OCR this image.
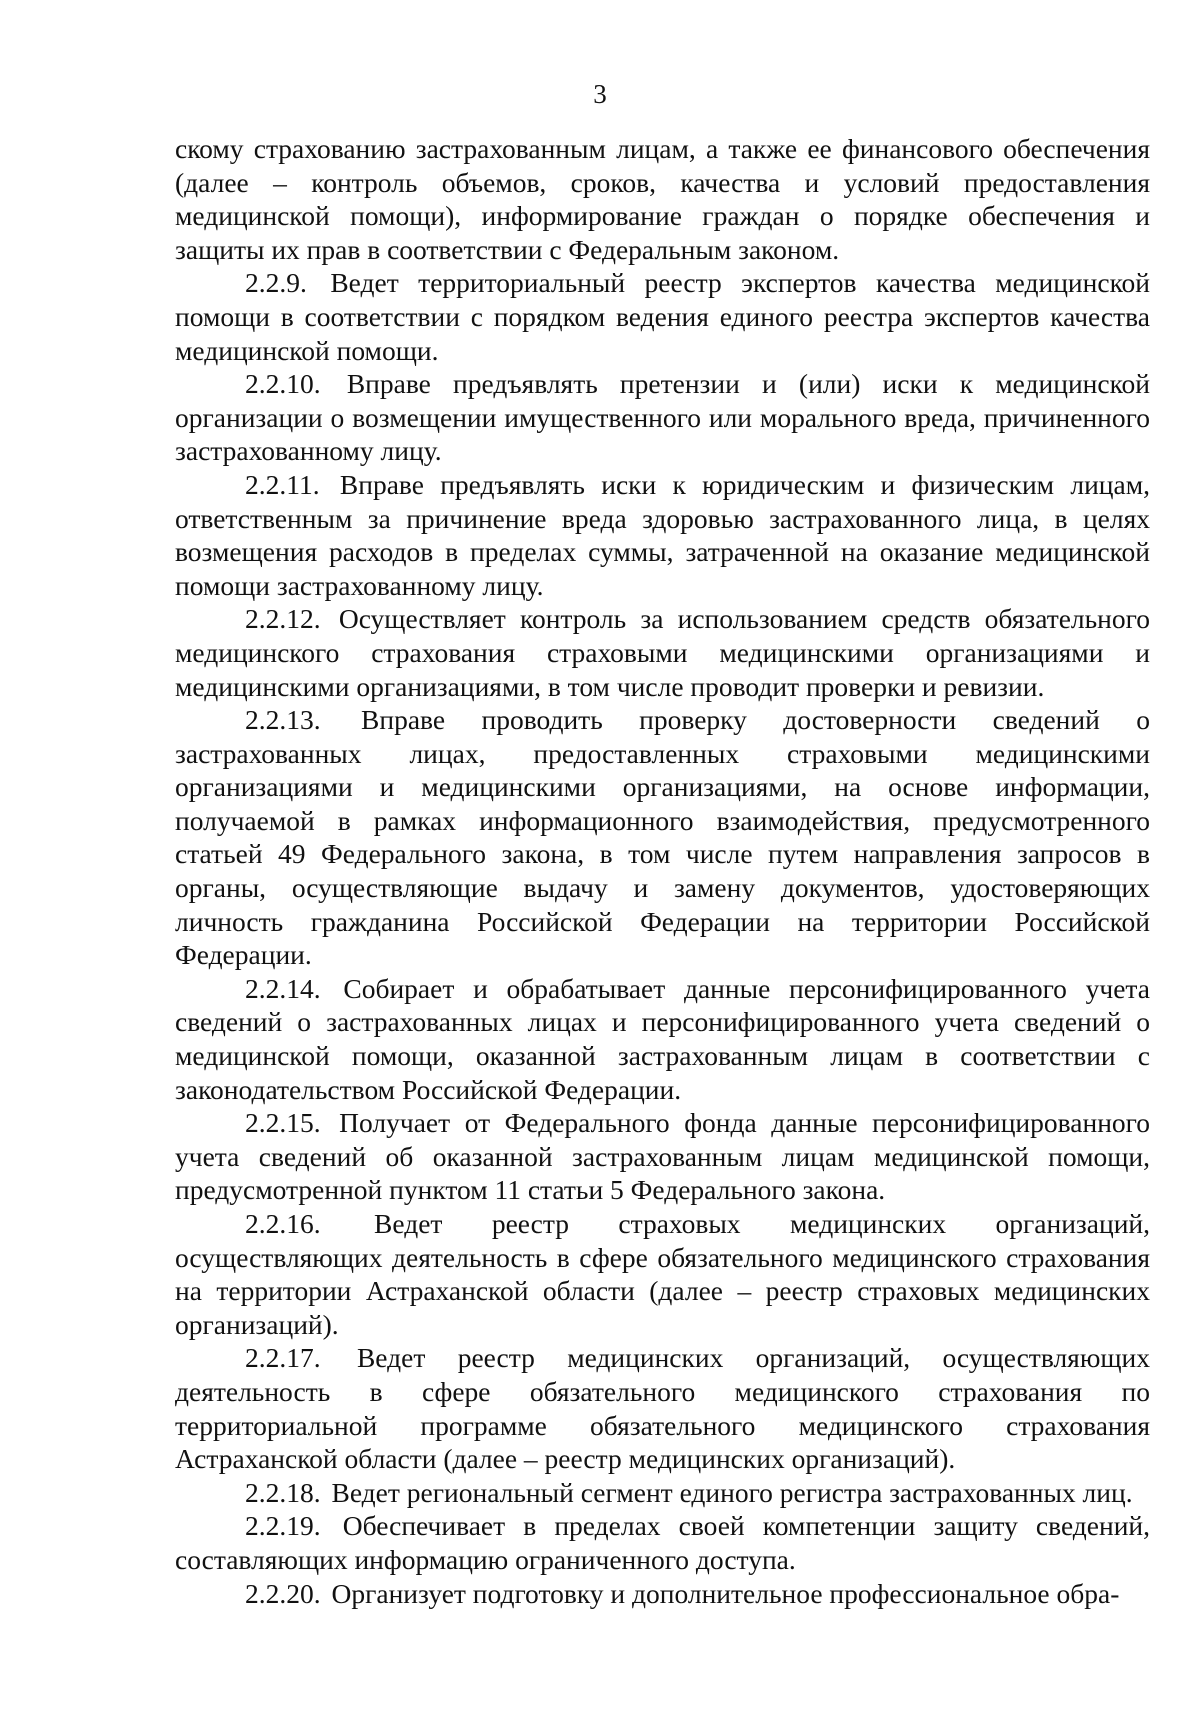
3

скому страхованию застрахованным лицам, а также ее финансового обеспечения (далее – контроль объемов, сроков, качества и условий предоставления медицинской помощи), информирование граждан о порядке обеспечения и защиты их прав в соответствии с Федеральным законом.

2.2.9. Ведет территориальный реестр экспертов качества медицинской помощи в соответствии с порядком ведения единого реестра экспертов качества медицинской помощи.

2.2.10. Вправе предъявлять претензии и (или) иски к медицинской организации о возмещении имущественного или морального вреда, причиненного застрахованному лицу.

2.2.11. Вправе предъявлять иски к юридическим и физическим лицам, ответственным за причинение вреда здоровью застрахованного лица, в целях возмещения расходов в пределах суммы, затраченной на оказание медицинской помощи застрахованному лицу.

2.2.12. Осуществляет контроль за использованием средств обязательного медицинского страхования страховыми медицинскими организациями и медицинскими организациями, в том числе проводит проверки и ревизии.

2.2.13. Вправе проводить проверку достоверности сведений о застрахованных лицах, предоставленных страховыми медицинскими организациями и медицинскими организациями, на основе информации, получаемой в рамках информационного взаимодействия, предусмотренного статьей 49 Федерального закона, в том числе путем направления запросов в органы, осуществляющие выдачу и замену документов, удостоверяющих личность гражданина Российской Федерации на территории Российской Федерации.

2.2.14. Собирает и обрабатывает данные персонифицированного учета сведений о застрахованных лицах и персонифицированного учета сведений о медицинской помощи, оказанной застрахованным лицам в соответствии с законодательством Российской Федерации.

2.2.15. Получает от Федерального фонда данные персонифицированного учета сведений об оказанной застрахованным лицам медицинской помощи, предусмотренной пунктом 11 статьи 5 Федерального закона.

2.2.16. Ведет реестр страховых медицинских организаций, осуществляющих деятельность в сфере обязательного медицинского страхования на территории Астраханской области (далее – реестр страховых медицинских организаций).

2.2.17. Ведет реестр медицинских организаций, осуществляющих деятельность в сфере обязательного медицинского страхования по территориальной программе обязательного медицинского страхования Астраханской области (далее – реестр медицинских организаций).

2.2.18. Ведет региональный сегмент единого регистра застрахованных лиц.

2.2.19. Обеспечивает в пределах своей компетенции защиту сведений, составляющих информацию ограниченного доступа.

2.2.20. Организует подготовку и дополнительное профессиональное обра-
